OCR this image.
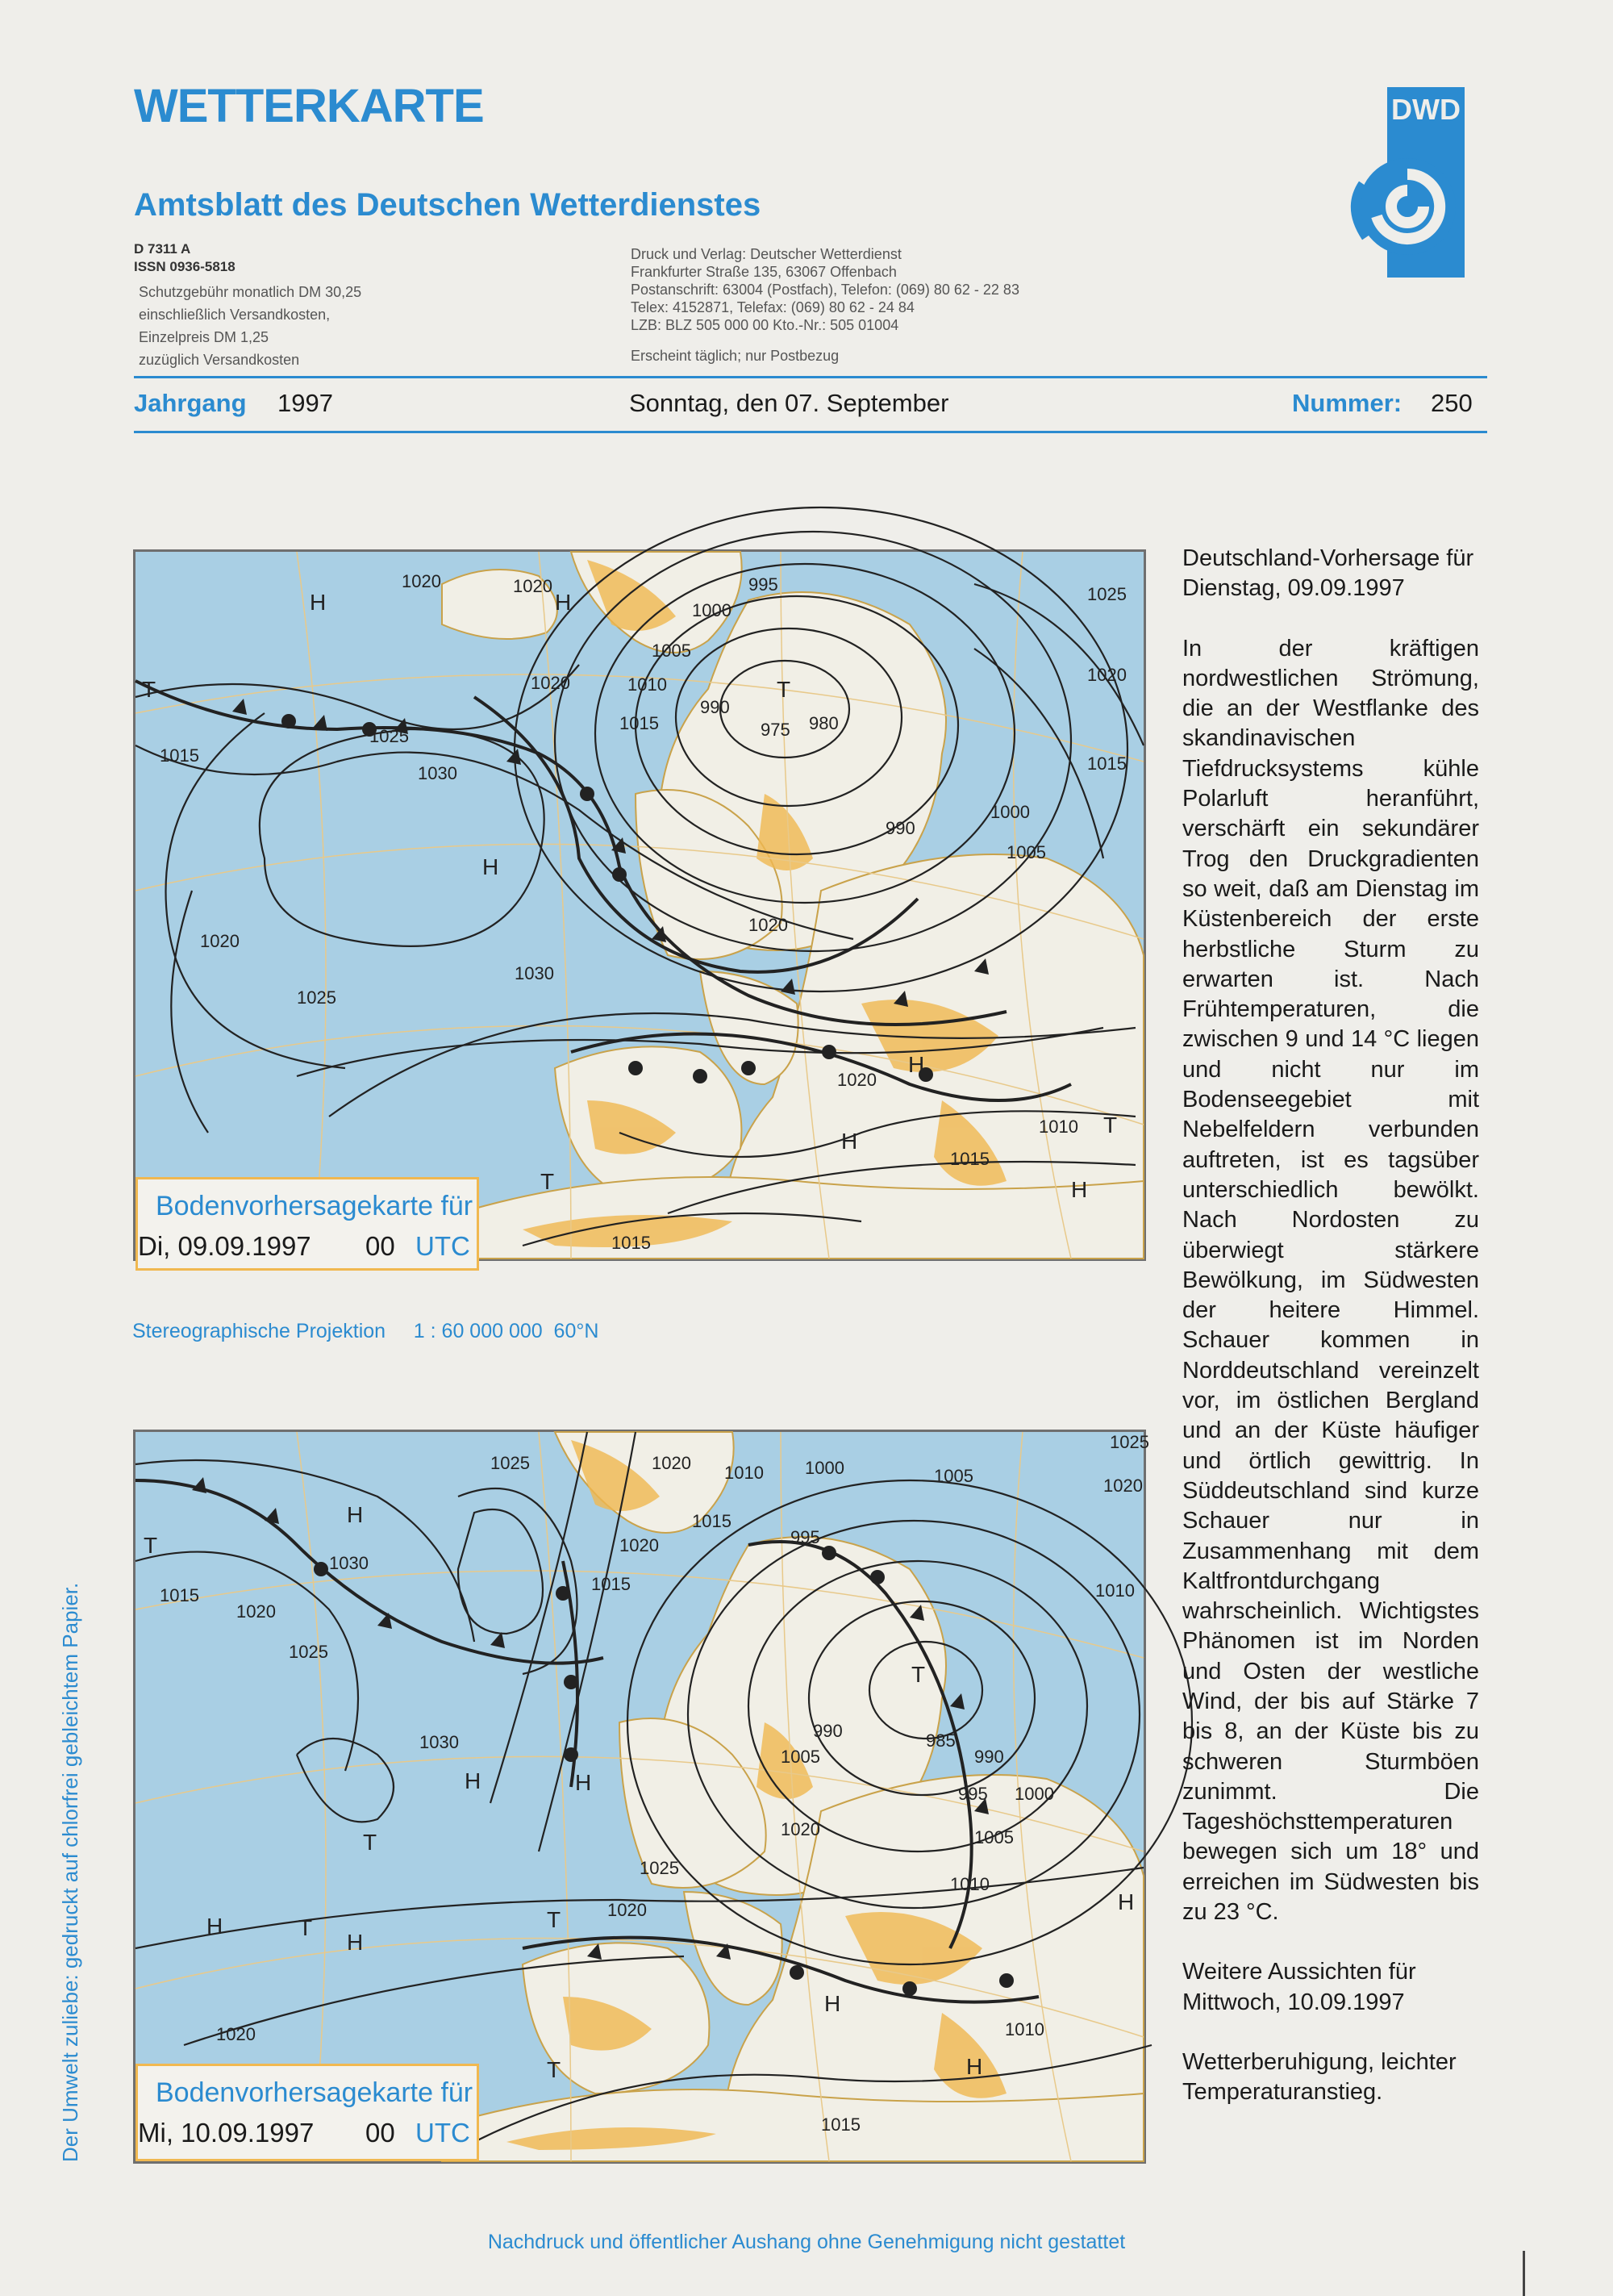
WETTERKARTE
Amtsblatt des Deutschen Wetterdienstes
DWD
D 7311 A
ISSN 0936-5818
Schutzgebühr monatlich DM 30,25
einschließlich Versandkosten,
Einzelpreis DM 1,25
zuzüglich Versandkosten
Druck und Verlag: Deutscher Wetterdienst
Frankfurter Straße 135, 63067 Offenbach
Postanschrift: 63004 (Postfach), Telefon: (069) 80 62 - 22 83
Telex: 4152871, Telefax: (069) 80 62 - 24 84
LZB: BLZ 505 000 00 Kto.-Nr.: 505 01004
Erscheint täglich; nur Postbezug
Jahrgang 1997	Sonntag, den 07. September	Nummer: 250
1020	1020
1000
995	1025
1005
1020	1010
990
975 980
1015
1025
1030
1015
1020
990
1000
1005
1015
1020
1025
1030
1020
1010
1015
1020
1015
H	H
H
T	T
H
H
T
H
T
Bodenvorhersagekarte für
Di, 09.09.1997 00 UTC
Stereographische Projektion     1 : 60 000 000  60°N
1025	1020 1010 1000	1005
1025
1020
1030
1015
995
1020
1015
1015
1020
1025
1010
1030
990	985
990
1005
995 1000
1020	1005
1025
1010
1020
1020	1010
1015
H
T
H	H
T
H	T	T
H
H
T
H
H
T
Bodenvorhersagekarte für
Mi, 10.09.1997 00 UTC

Deutschland-Vorhersage für Dienstag, 09.09.1997

In der kräftigen nordwestlichen Strömung, die an der Westflanke des skandinavischen Tiefdrucksystems kühle Polarluft heranführt, verschärft ein sekundärer Trog den Druckgradienten so weit, daß am Dienstag im Küstenbereich der erste herbstliche Sturm zu erwarten ist. Nach Frühtemperaturen, die zwischen 9 und 14 °C liegen und nicht nur im Bodenseegebiet mit Nebelfeldern verbunden auftreten, ist es tagsüber unterschiedlich bewölkt. Nach Nordosten zu überwiegt stärkere Bewölkung, im Südwesten der heitere Himmel. Schauer kommen in Norddeutschland vereinzelt vor, im östlichen Bergland und an der Küste häufiger und örtlich gewittrig. In Süddeutschland sind kurze Schauer nur in Zusammenhang mit dem Kaltfrontdurchgang wahrscheinlich. Wichtigstes Phänomen ist im Norden und Osten der westliche Wind, der bis auf Stärke 7 bis 8, an der Küste bis zu schweren Sturmböen zunimmt. Die Tageshöchsttemperaturen bewegen sich um 18° und erreichen im Südwesten bis zu 23 °C.

Weitere Aussichten für Mittwoch, 10.09.1997

Wetterberuhigung, leichter Temperaturanstieg.

Der Umwelt zuliebe: gedruckt auf chlorfrei gebleichtem Papier.
Nachdruck und öffentlicher Aushang ohne Genehmigung nicht gestattet
